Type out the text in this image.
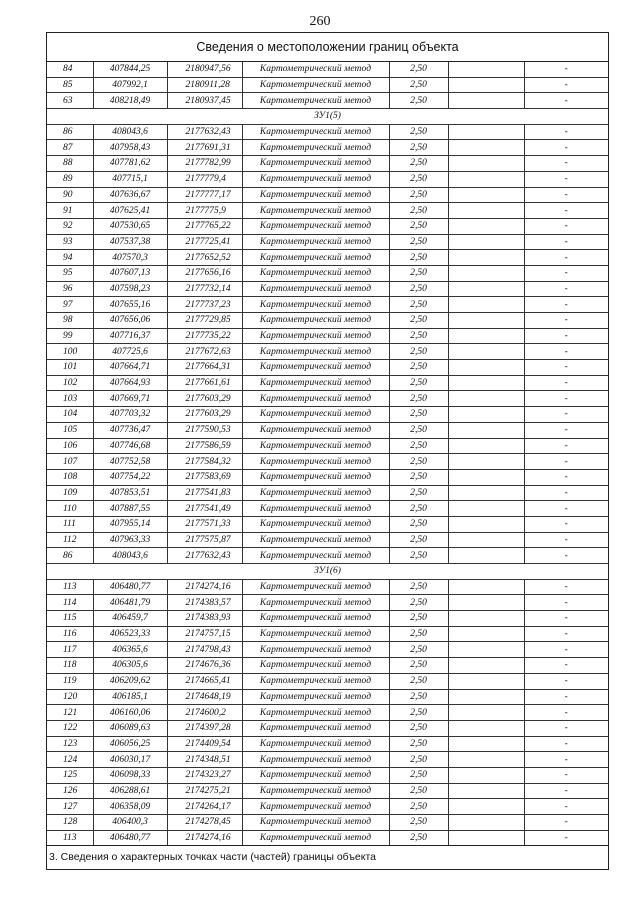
260
Сведения о местоположении границ объекта
84	407844,25	2180947,56	Картометрический метод	2,50		-
85	407992,1	2180911,28	Картометрический метод	2,50		-
63	408218,49	2180937,45	Картометрический метод	2,50		-
ЗУ1(5)						
86	408043,6	2177632,43	Картометрический метод	2,50		-
87	407958,43	2177691,31	Картометрический метод	2,50		-
88	407781,62	2177782,99	Картометрический метод	2,50		-
89	407715,1	2177779,4	Картометрический метод	2,50		-
90	407636,67	2177777,17	Картометрический метод	2,50		-
91	407625,41	2177775,9	Картометрический метод	2,50		-
92	407530,65	2177765,22	Картометрический метод	2,50		-
93	407537,38	2177725,41	Картометрический метод	2,50		-
94	407570,3	2177652,52	Картометрический метод	2,50		-
95	407607,13	2177656,16	Картометрический метод	2,50		-
96	407598,23	2177732,14	Картометрический метод	2,50		-
97	407655,16	2177737,23	Картометрический метод	2,50		-
98	407656,06	2177729,85	Картометрический метод	2,50		-
99	407716,37	2177735,22	Картометрический метод	2,50		-
100	407725,6	2177672,63	Картометрический метод	2,50		-
101	407664,71	2177664,31	Картометрический метод	2,50		-
102	407664,93	2177661,61	Картометрический метод	2,50		-
103	407669,71	2177603,29	Картометрический метод	2,50		-
104	407703,32	2177603,29	Картометрический метод	2,50		-
105	407736,47	2177590,53	Картометрический метод	2,50		-
106	407746,68	2177586,59	Картометрический метод	2,50		-
107	407752,58	2177584,32	Картометрический метод	2,50		-
108	407754,22	2177583,69	Картометрический метод	2,50		-
109	407853,51	2177541,83	Картометрический метод	2,50		-
110	407887,55	2177541,49	Картометрический метод	2,50		-
111	407955,14	2177571,33	Картометрический метод	2,50		-
112	407963,33	2177575,87	Картометрический метод	2,50		-
86	408043,6	2177632,43	Картометрический метод	2,50		-
ЗУ1(6)						
113	406480,77	2174274,16	Картометрический метод	2,50		-
114	406481,79	2174383,57	Картометрический метод	2,50		-
115	406459,7	2174383,93	Картометрический метод	2,50		-
116	406523,33	2174757,15	Картометрический метод	2,50		-
117	406365,6	2174798,43	Картометрический метод	2,50		-
118	406305,6	2174676,36	Картометрический метод	2,50		-
119	406209,62	2174665,41	Картометрический метод	2,50		-
120	406185,1	2174648,19	Картометрический метод	2,50		-
121	406160,06	2174600,2	Картометрический метод	2,50		-
122	406089,63	2174397,28	Картометрический метод	2,50		-
123	406056,25	2174409,54	Картометрический метод	2,50		-
124	406030,17	2174348,51	Картометрический метод	2,50		-
125	406098,33	2174323,27	Картометрический метод	2,50		-
126	406288,61	2174275,21	Картометрический метод	2,50		-
127	406358,09	2174264,17	Картометрический метод	2,50		-
128	406400,3	2174278,45	Картометрический метод	2,50		-
113	406480,77	2174274,16	Картометрический метод	2,50		-
3. Сведения о характерных точках части (частей) границы объекта
